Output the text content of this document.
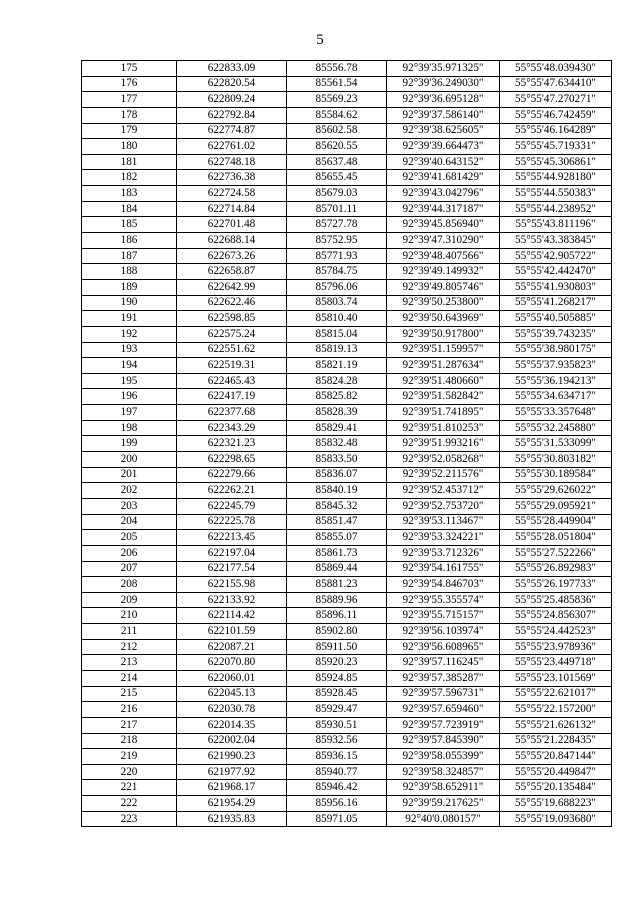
5
175	622833.09	85556.78	92°39'35.971325"	55°55'48.039430"
176	622820.54	85561.54	92°39'36.249030"	55°55'47.634410"
177	622809.24	85569.23	92°39'36.695128"	55°55'47.270271"
178	622792.84	85584.62	92°39'37.586140"	55°55'46.742459"
179	622774.87	85602.58	92°39'38.625605"	55°55'46.164289"
180	622761.02	85620.55	92°39'39.664473"	55°55'45.719331"
181	622748.18	85637.48	92°39'40.643152"	55°55'45.306861"
182	622736.38	85655.45	92°39'41.681429"	55°55'44.928180"
183	622724.58	85679.03	92°39'43.042796"	55°55'44.550383"
184	622714.84	85701.11	92°39'44.317187"	55°55'44.238952"
185	622701.48	85727.78	92°39'45.856940"	55°55'43.811196"
186	622688.14	85752.95	92°39'47.310290"	55°55'43.383845"
187	622673.26	85771.93	92°39'48.407566"	55°55'42.905722"
188	622658.87	85784.75	92°39'49.149932"	55°55'42.442470"
189	622642.99	85796.06	92°39'49.805746"	55°55'41.930803"
190	622622.46	85803.74	92°39'50.253800"	55°55'41.268217"
191	622598.85	85810.40	92°39'50.643969"	55°55'40.505885"
192	622575.24	85815.04	92°39'50.917800"	55°55'39.743235"
193	622551.62	85819.13	92°39'51.159957"	55°55'38.980175"
194	622519.31	85821.19	92°39'51.287634"	55°55'37.935823"
195	622465.43	85824.28	92°39'51.480660"	55°55'36.194213"
196	622417.19	85825.82	92°39'51.582842"	55°55'34.634717"
197	622377.68	85828.39	92°39'51.741895"	55°55'33.357648"
198	622343.29	85829.41	92°39'51.810253"	55°55'32.245880"
199	622321.23	85832.48	92°39'51.993216"	55°55'31.533099"
200	622298.65	85833.50	92°39'52.058268"	55°55'30.803182"
201	622279.66	85836.07	92°39'52.211576"	55°55'30.189584"
202	622262.21	85840.19	92°39'52.453712"	55°55'29.626022"
203	622245.79	85845.32	92°39'52.753720"	55°55'29.095921"
204	622225.78	85851.47	92°39'53.113467"	55°55'28.449904"
205	622213.45	85855.07	92°39'53.324221"	55°55'28.051804"
206	622197.04	85861.73	92°39'53.712326"	55°55'27.522266"
207	622177.54	85869.44	92°39'54.161755"	55°55'26.892983"
208	622155.98	85881.23	92°39'54.846703"	55°55'26.197733"
209	622133.92	85889.96	92°39'55.355574"	55°55'25.485836"
210	622114.42	85896.11	92°39'55.715157"	55°55'24.856307"
211	622101.59	85902.80	92°39'56.103974"	55°55'24.442523"
212	622087.21	85911.50	92°39'56.608965"	55°55'23.978936"
213	622070.80	85920.23	92°39'57.116245"	55°55'23.449718"
214	622060.01	85924.85	92°39'57.385287"	55°55'23.101569"
215	622045.13	85928.45	92°39'57.596731"	55°55'22.621017"
216	622030.78	85929.47	92°39'57.659460"	55°55'22.157200"
217	622014.35	85930.51	92°39'57.723919"	55°55'21.626132"
218	622002.04	85932.56	92°39'57.845390"	55°55'21.228435"
219	621990.23	85936.15	92°39'58.055399"	55°55'20.847144"
220	621977.92	85940.77	92°39'58.324857"	55°55'20.449847"
221	621968.17	85946.42	92°39'58.652911"	55°55'20.135484"
222	621954.29	85956.16	92°39'59.217625"	55°55'19.688223"
223	621935.83	85971.05	92°40'0.080157"	55°55'19.093680"
